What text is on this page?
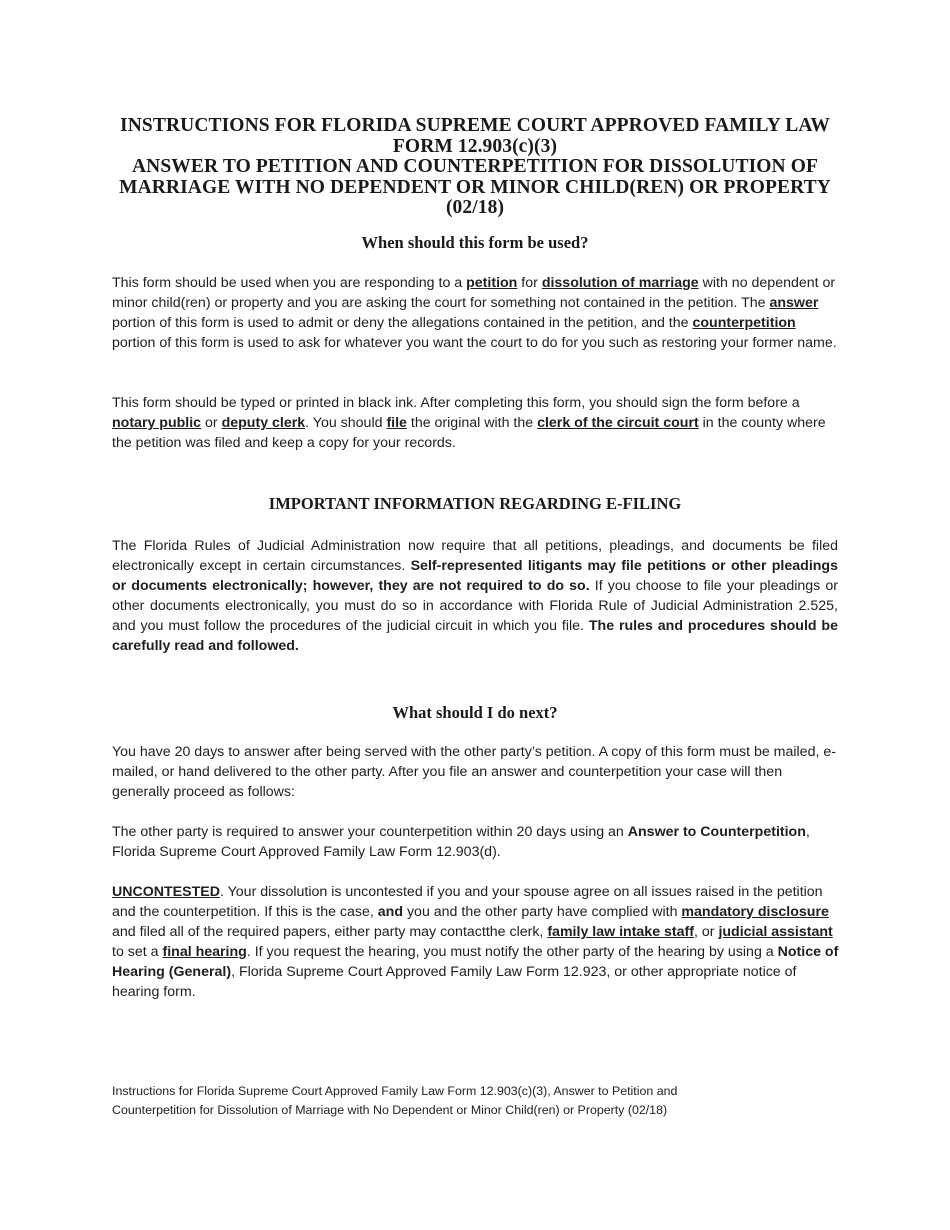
INSTRUCTIONS FOR FLORIDA SUPREME COURT APPROVED FAMILY LAW
FORM 12.903(c)(3)
ANSWER TO PETITION AND COUNTERPETITION FOR DISSOLUTION OF
MARRIAGE WITH NO DEPENDENT OR MINOR CHILD(REN) OR PROPERTY
(02/18)
When should this form be used?

This form should be used when you are responding to a petition for dissolution of marriage with no dependent or minor child(ren) or property and you are asking the court for something not contained in the petition. The answer portion of this form is used to admit or deny the allegations contained in the petition, and the counterpetition portion of this form is used to ask for whatever you want the court to do for you such as restoring your former name.

This form should be typed or printed in black ink. After completing this form, you should sign the form before a notary public or deputy clerk. You should file the original with the clerk of the circuit court in the county where the petition was filed and keep a copy for your records.

IMPORTANT INFORMATION REGARDING E-FILING

The Florida Rules of Judicial Administration now require that all petitions, pleadings, and documents be filed electronically except in certain circumstances. Self-represented litigants may file petitions or other pleadings or documents electronically; however, they are not required to do so. If you choose to file your pleadings or other documents electronically, you must do so in accordance with Florida Rule of Judicial Administration 2.525, and you must follow the procedures of the judicial circuit in which you file. The rules and procedures should be carefully read and followed.

What should I do next?

You have 20 days to answer after being served with the other party’s petition. A copy of this form must be mailed, e-mailed, or hand delivered to the other party. After you file an answer and counterpetition your case will then generally proceed as follows:

The other party is required to answer your counterpetition within 20 days using an Answer to Counterpetition, Florida Supreme Court Approved Family Law Form 12.903(d).

UNCONTESTED. Your dissolution is uncontested if you and your spouse agree on all issues raised in the petition and the counterpetition. If this is the case, and you and the other party have complied with mandatory disclosure and filed all of the required papers, either party may contactthe clerk, family law intake staff, or judicial assistant to set a final hearing. If you request the hearing, you must notify the other party of the hearing by using a Notice of Hearing (General), Florida Supreme Court Approved Family Law Form 12.923, or other appropriate notice of hearing form.

Instructions for Florida Supreme Court Approved Family Law Form 12.903(c)(3), Answer to Petition and
Counterpetition for Dissolution of Marriage with No Dependent or Minor Child(ren) or Property (02/18)
